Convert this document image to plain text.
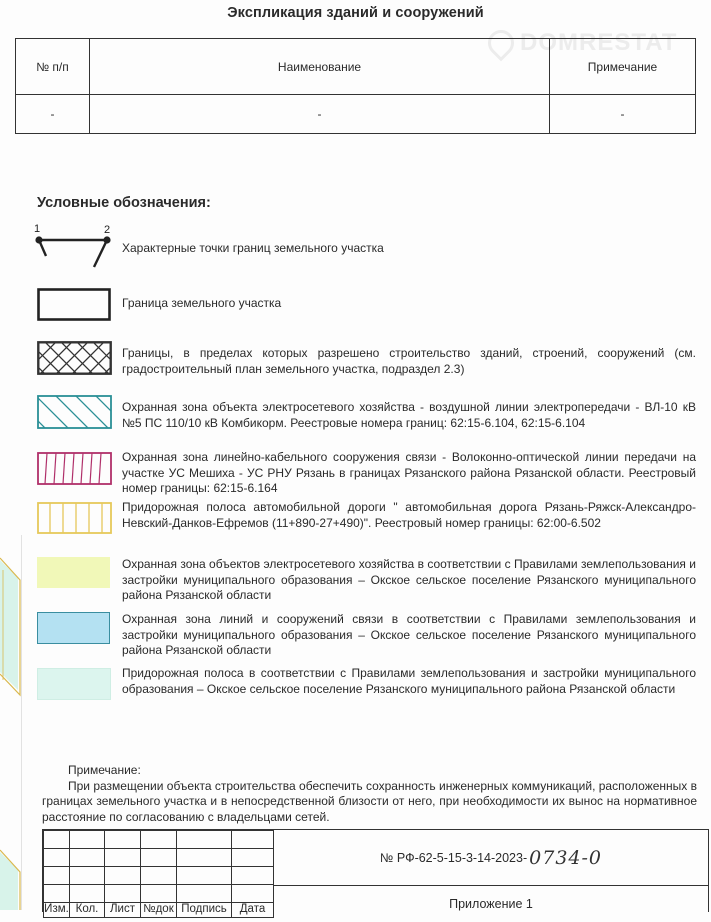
DOMRESTAT
Экспликация зданий и сооружений
№ п/п	Наименование	Примечание
-	-	-
Условные обозначения:
1	2
Характерные точки границ земельного участка
Граница земельного участка
Границы, в пределах которых разрешено строительство зданий, строений, сооружений (см. градостроительный план земельного участка, подраздел 2.3)
Охранная зона объекта электросетевого хозяйства - воздушной линии электропередачи - ВЛ-10 кВ №5 ПС 110/10 кВ Комбикорм. Реестровые номера границ: 62:15-6.104, 62:15-6.104
Охранная зона линейно-кабельного сооружения связи - Волоконно-оптической линии передачи на участке УС Мешиха - УС РНУ Рязань в границах Рязанского района Рязанской области. Реестровый номер границы: 62:15-6.164
Придорожная полоса автомобильной дороги " автомобильная дорога Рязань-Ряжск-Александро-Невский-Данков-Ефремов (11+890-27+490)". Реестровый номер границы: 62:00-6.502
Охранная зона объектов электросетевого хозяйства в соответствии с Правилами землепользования и застройки муниципального образования – Окское сельское поселение Рязанского муниципального района Рязанской области
Охранная зона линий и сооружений связи в соответствии с Правилами землепользования и застройки муниципального образования – Окское сельское поселение Рязанского муниципального района Рязанской области
Придорожная полоса в соответствии с Правилами землепользования и застройки муниципального образования – Окское сельское поселение Рязанского муниципального района Рязанской области
Примечание:
При размещении объекта строительства обеспечить сохранность инженерных коммуникаций, расположенных в границах земельного участка и в непосредственной близости от него, при необходимости их вынос на нормативное расстояние по согласованию с владельцами сетей.

Изм.	Кол.	Лист	№док	Подпись	Дата
№ РФ-62-5-15-3-14-2023- 0734-0
Приложение 1
